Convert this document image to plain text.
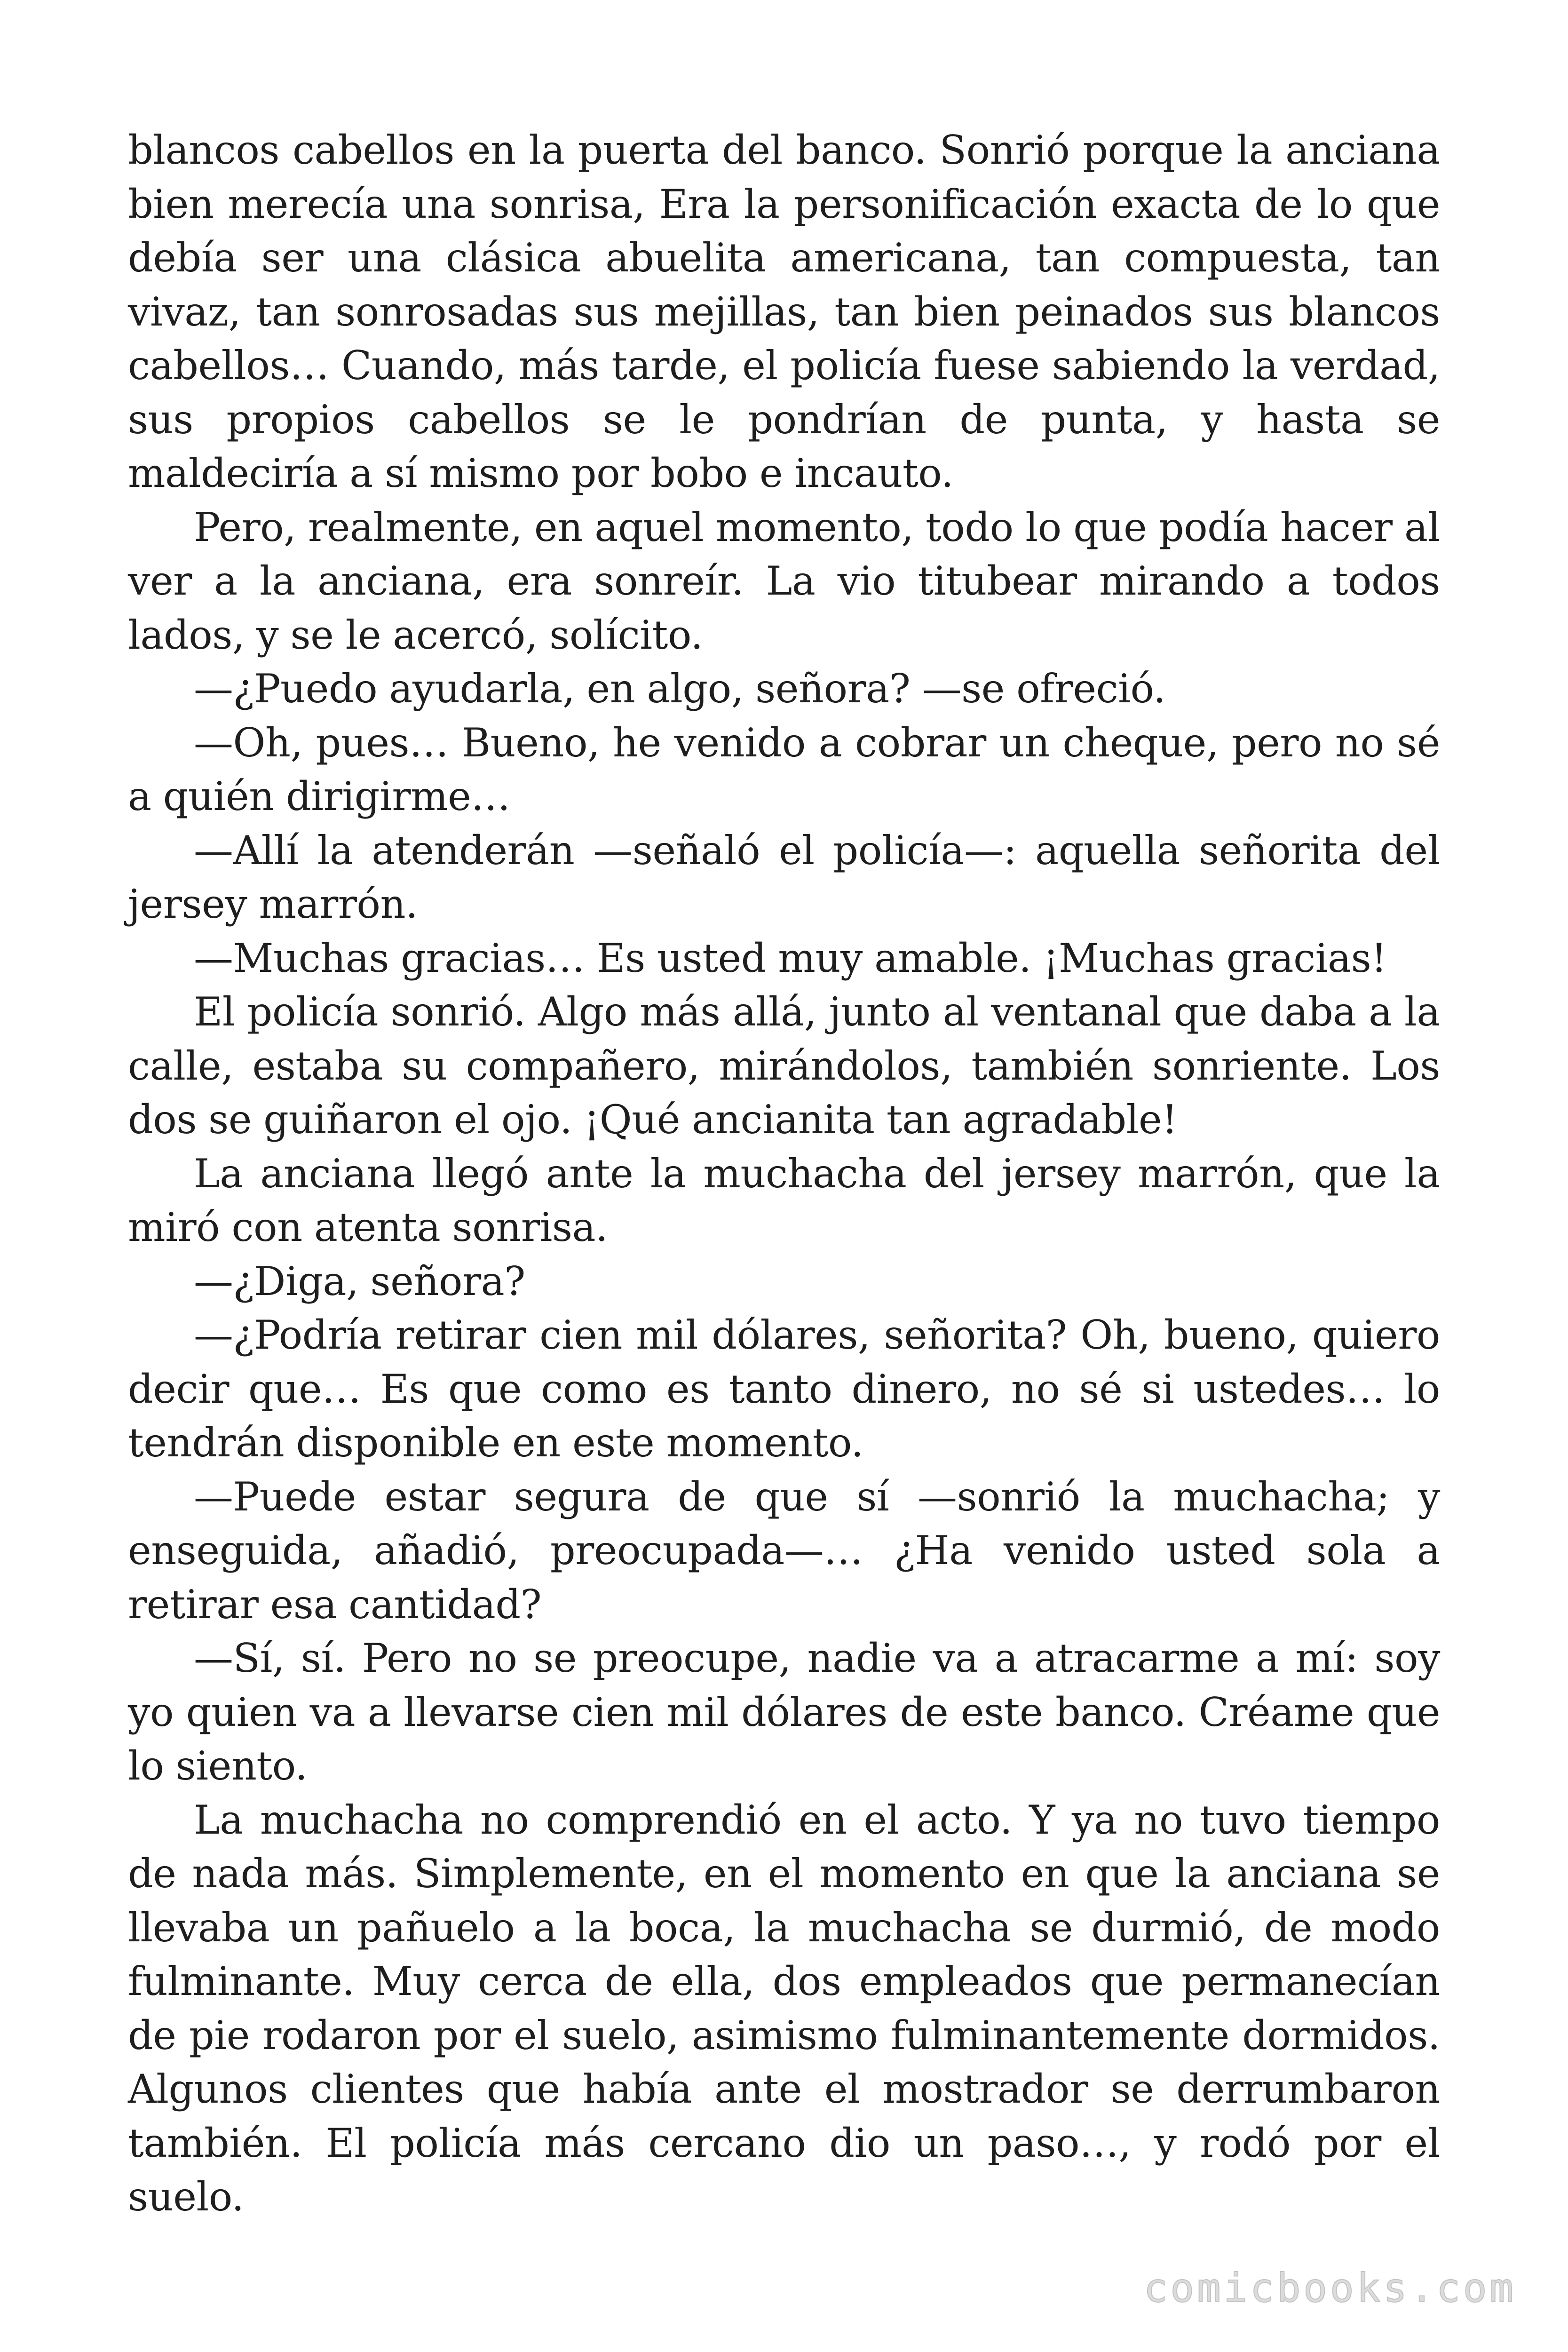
blancos cabellos en la puerta del banco. Sonrió porque la anciana bien merecía una sonrisa, Era la personificación exacta de lo que debía ser una clásica abuelita americana, tan compuesta, tan vivaz, tan sonrosadas sus mejillas, tan bien peinados sus blancos cabellos… Cuando, más tarde, el policía fuese sabiendo la verdad, sus propios cabellos se le pondrían de punta, y hasta se maldeciría a sí mismo por bobo e incauto.

Pero, realmente, en aquel momento, todo lo que podía hacer al ver a la anciana, era sonreír. La vio titubear mirando a todos lados, y se le acercó, solícito.

—¿Puedo ayudarla, en algo, señora? —se ofreció.

—Oh, pues… Bueno, he venido a cobrar un cheque, pero no sé a quién dirigirme…

—Allí la atenderán —señaló el policía—: aquella señorita del jersey marrón.

—Muchas gracias… Es usted muy amable. ¡Muchas gracias!

El policía sonrió. Algo más allá, junto al ventanal que daba a la calle, estaba su compañero, mirándolos, también sonriente. Los dos se guiñaron el ojo. ¡Qué ancianita tan agradable!

La anciana llegó ante la muchacha del jersey marrón, que la miró con atenta sonrisa.

—¿Diga, señora?

—¿Podría retirar cien mil dólares, señorita? Oh, bueno, quiero decir que… Es que como es tanto dinero, no sé si ustedes… lo tendrán disponible en este momento.

—Puede estar segura de que sí —sonrió la muchacha; y enseguida, añadió, preocupada—… ¿Ha venido usted sola a retirar esa cantidad?

—Sí, sí. Pero no se preocupe, nadie va a atracarme a mí: soy yo quien va a llevarse cien mil dólares de este banco. Créame que lo siento.

La muchacha no comprendió en el acto. Y ya no tuvo tiempo de nada más. Simplemente, en el momento en que la anciana se llevaba un pañuelo a la boca, la muchacha se durmió, de modo fulminante. Muy cerca de ella, dos empleados que permanecían de pie rodaron por el suelo, asimismo fulminantemente dormidos. Algunos clientes que había ante el mostrador se derrumbaron también. El policía más cercano dio un paso…, y rodó por el suelo.

comicbooks.com
